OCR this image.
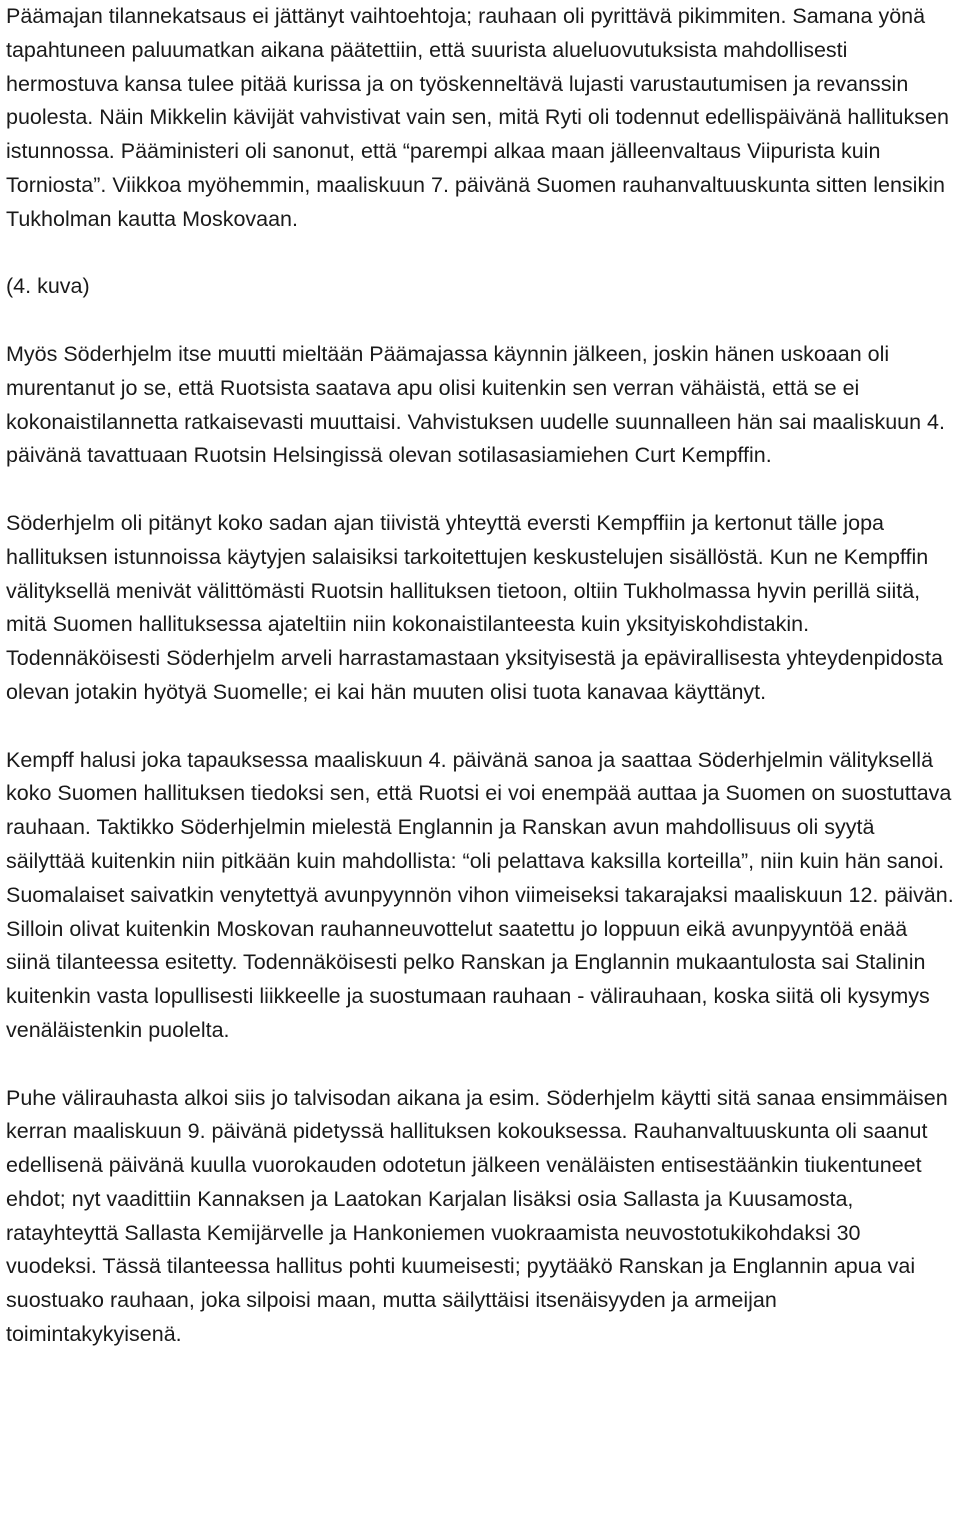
Päämajan tilannekatsaus ei jättänyt vaihtoehtoja; rauhaan oli pyrittävä pikimmiten. Samana yönä tapahtuneen paluumatkan aikana päätettiin, että suurista alueluovutuksista mahdollisesti hermostuva kansa tulee pitää kurissa ja on työskenneltävä lujasti varustautumisen ja revanssin puolesta. Näin Mikkelin kävijät vahvistivat vain sen, mitä Ryti oli todennut edellispäivänä hallituksen istunnossa. Pääministeri oli sanonut, että “parempi alkaa maan jälleenvaltaus Viipurista kuin Torniosta”. Viikkoa myöhemmin, maaliskuun 7. päivänä Suomen rauhanvaltuuskunta sitten lensikin Tukholman kautta Moskovaan.

(4. kuva)

Myös Söderhjelm itse muutti mieltään Päämajassa käynnin jälkeen, joskin hänen uskoaan oli murentanut jo se, että Ruotsista saatava apu olisi kuitenkin sen verran vähäistä, että se ei kokonaistilannetta ratkaisevasti muuttaisi. Vahvistuksen uudelle suunnalleen hän sai maaliskuun 4. päivänä tavattuaan Ruotsin Helsingissä olevan sotilasasiamiehen Curt Kempffin.

Söderhjelm oli pitänyt koko sadan ajan tiivistä yhteyttä eversti Kempffiin ja kertonut tälle jopa hallituksen istunnoissa käytyjen salaisiksi tarkoitettujen keskustelujen sisällöstä. Kun ne Kempffin välityksellä menivät välittömästi Ruotsin hallituksen tietoon, oltiin Tukholmassa hyvin perillä siitä, mitä Suomen hallituksessa ajateltiin niin kokonaistilanteesta kuin yksityiskohdistakin. Todennäköisesti Söderhjelm arveli harrastamastaan yksityisestä ja epävirallisesta yhteydenpidosta olevan jotakin hyötyä Suomelle; ei kai hän muuten olisi tuota kanavaa käyttänyt.

Kempff halusi joka tapauksessa maaliskuun 4. päivänä sanoa ja saattaa Söderhjelmin välityksellä koko Suomen hallituksen tiedoksi sen, että Ruotsi ei voi enempää auttaa ja Suomen on suostuttava rauhaan. Taktikko Söderhjelmin mielestä Englannin ja Ranskan avun mahdollisuus oli syytä säilyttää kuitenkin niin pitkään kuin mahdollista: “oli pelattava kaksilla korteilla”, niin kuin hän sanoi. Suomalaiset saivatkin venytettyä avunpyynnön vihon viimeiseksi takarajaksi maaliskuun 12. päivän. Silloin olivat kuitenkin Moskovan rauhanneuvottelut saatettu jo loppuun eikä avunpyyntöä enää siinä tilanteessa esitetty. Todennäköisesti pelko Ranskan ja Englannin mukaantulosta sai Stalinin kuitenkin vasta lopullisesti liikkeelle ja suostumaan rauhaan - välirauhaan, koska siitä oli kysymys venäläistenkin puolelta.

Puhe välirauhasta alkoi siis jo talvisodan aikana ja esim. Söderhjelm käytti sitä sanaa ensimmäisen kerran maaliskuun 9. päivänä pidetyssä hallituksen kokouksessa. Rauhanvaltuuskunta oli saanut edellisenä päivänä kuulla vuorokauden odotetun jälkeen venäläisten entisestäänkin tiukentuneet ehdot; nyt vaadittiin Kannaksen ja Laatokan Karjalan lisäksi osia Sallasta ja Kuusamosta, ratayhteyttä Sallasta Kemijärvelle ja Hankoniemen vuokraamista neuvostotukikohdaksi 30 vuodeksi. Tässä tilanteessa hallitus pohti kuumeisesti; pyytääkö Ranskan ja Englannin apua vai suostuako rauhaan, joka silpoisi maan, mutta säilyttäisi itsenäisyyden ja armeijan toimintakykyisenä.
